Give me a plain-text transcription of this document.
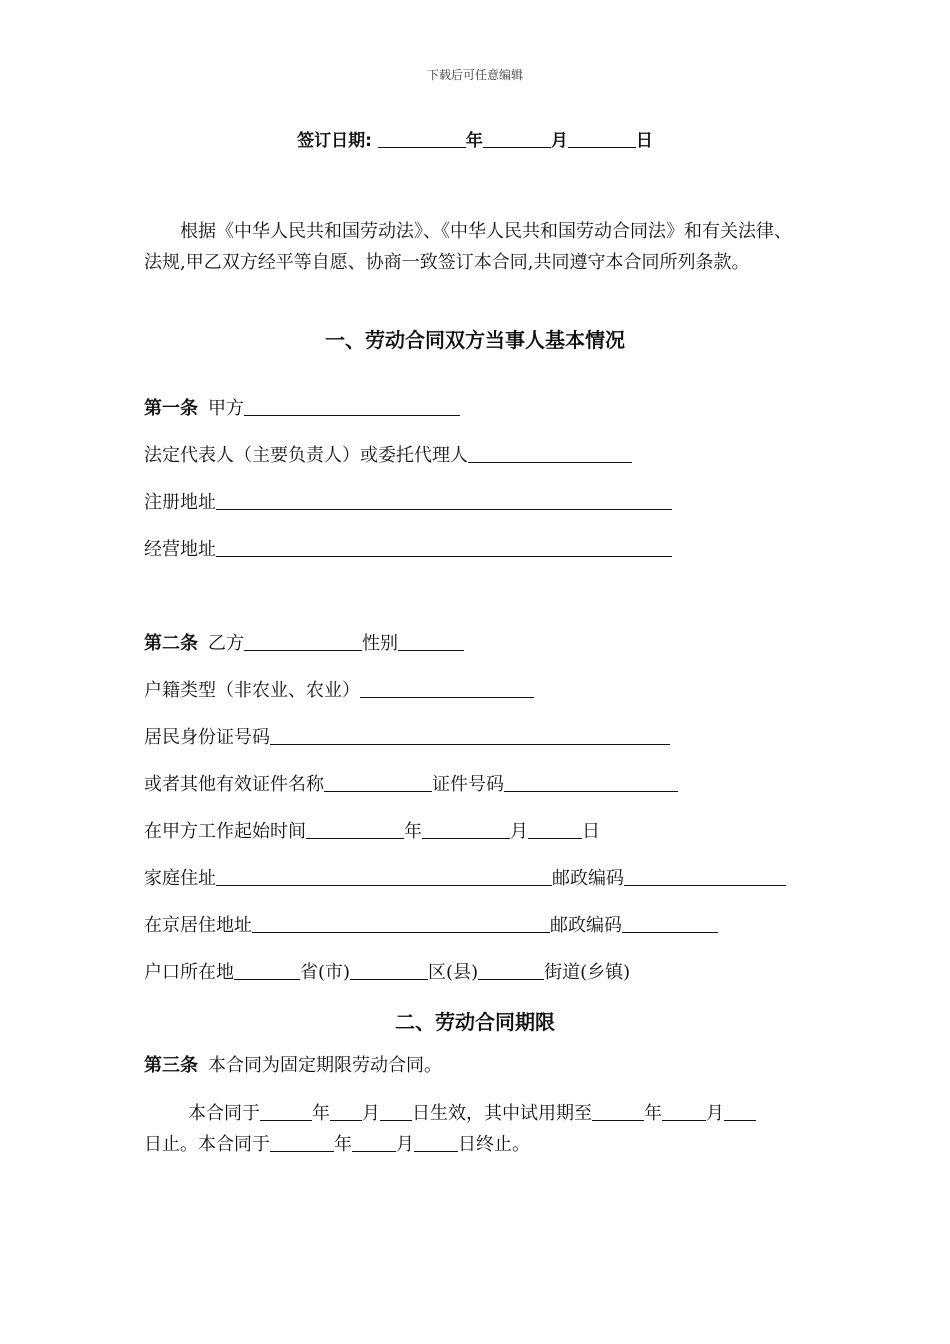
下载后可任意编辑
签订日期:	年	月	日
根据《中华人民共和国劳动法》、《中华人民共和国劳动合同法》和有关法律、法规,甲乙双方经平等自愿、协商一致签订本合同,共同遵守本合同所列条款。
一、劳动合同双方当事人基本情况
第一条 甲方
法定代表人（主要负责人）或委托代理人
注册地址
经营地址
第二条 乙方	性别
户籍类型（非农业、农业）
居民身份证号码
或者其他有效证件名称	证件号码
在甲方工作起始时间	年	月	日
家庭住址	邮政编码
在京居住地址	邮政编码
户口所在地	省(市)	区(县)	街道(乡镇)
二、劳动合同期限
第三条 本合同为固定期限劳动合同。
本合同于	年 月 日生效，其中试用期至	年 月
日止。本合同于	年 月 日终止。
